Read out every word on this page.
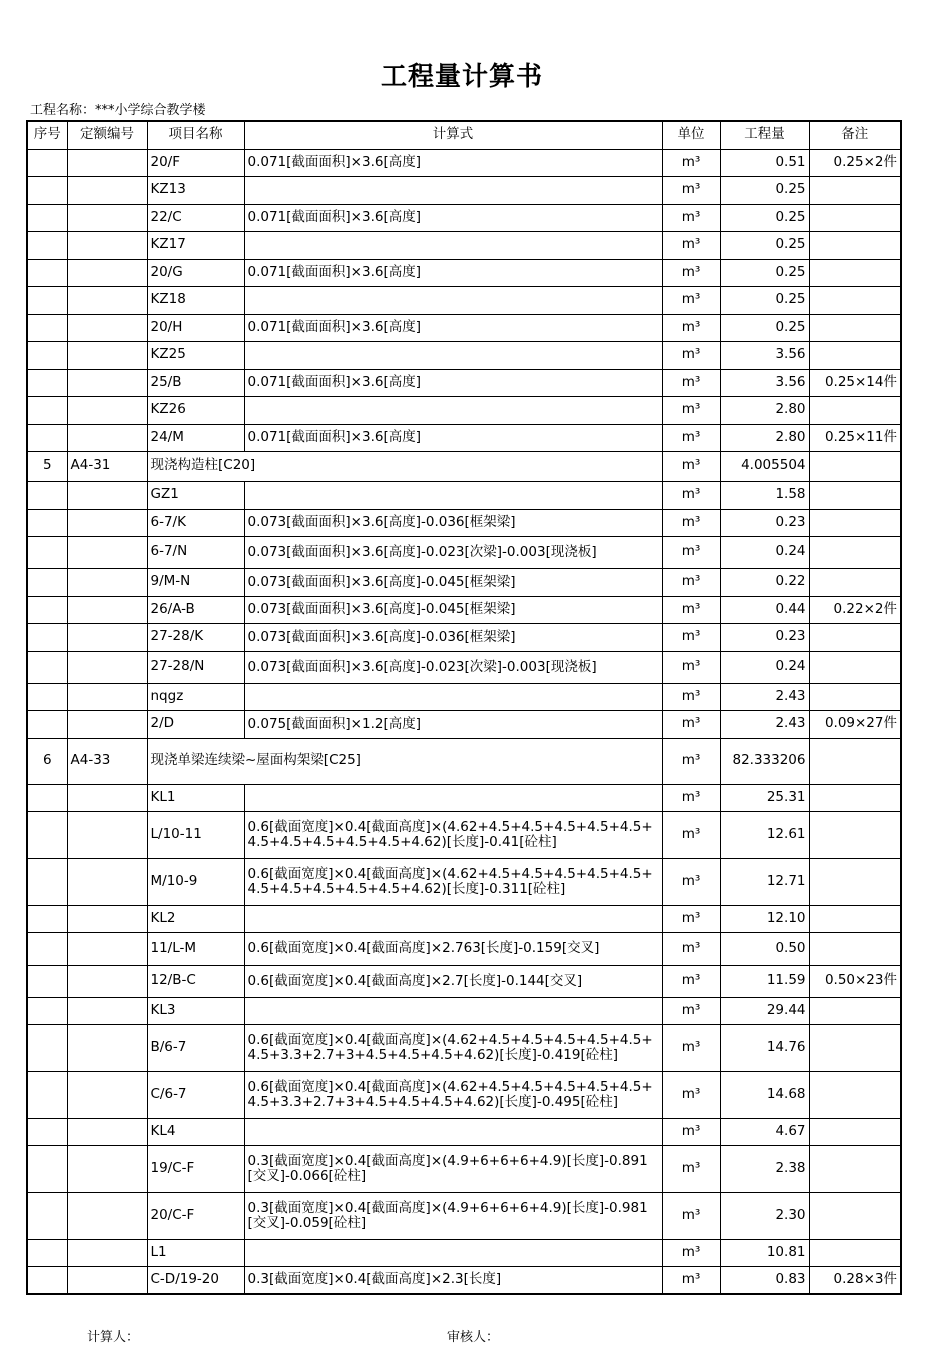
工程量计算书
工程名称：***小学综合教学楼
序号	定额编号	项目名称	计算式	单位	工程量	备注
		20/F	0.071[截面面积]×3.6[高度]	m³	0.51	0.25×2件
		KZ13		m³	0.25	
		22/C	0.071[截面面积]×3.6[高度]	m³	0.25	
		KZ17		m³	0.25	
		20/G	0.071[截面面积]×3.6[高度]	m³	0.25	
		KZ18		m³	0.25	
		20/H	0.071[截面面积]×3.6[高度]	m³	0.25	
		KZ25		m³	3.56	
		25/B	0.071[截面面积]×3.6[高度]	m³	3.56	0.25×14件
		KZ26		m³	2.80	
		24/M	0.071[截面面积]×3.6[高度]	m³	2.80	0.25×11件
5	A4-31	现浇构造柱[C20]		m³	4.005504	
		GZ1		m³	1.58	
		6-7/K	0.073[截面面积]×3.6[高度]-0.036[框架梁]	m³	0.23	
		6-7/N	0.073[截面面积]×3.6[高度]-0.023[次梁]-0.003[现浇板]	m³	0.24	
		9/M-N	0.073[截面面积]×3.6[高度]-0.045[框架梁]	m³	0.22	
		26/A-B	0.073[截面面积]×3.6[高度]-0.045[框架梁]	m³	0.44	0.22×2件
		27-28/K	0.073[截面面积]×3.6[高度]-0.036[框架梁]	m³	0.23	
		27-28/N	0.073[截面面积]×3.6[高度]-0.023[次梁]-0.003[现浇板]	m³	0.24	
		nqgz		m³	2.43	
		2/D	0.075[截面面积]×1.2[高度]	m³	2.43	0.09×27件
6	A4-33	现浇单梁连续梁~屋面构架梁[C25]		m³	82.333206	
		KL1		m³	25.31	
		L/10-11	0.6[截面宽度]×0.4[截面高度]×(4.62+4.5+4.5+4.5+4.5+4.5+4.5+4.5+4.5+4.5+4.5+4.62)[长度]-0.41[砼柱]	m³	12.61	
		M/10-9	0.6[截面宽度]×0.4[截面高度]×(4.62+4.5+4.5+4.5+4.5+4.5+4.5+4.5+4.5+4.5+4.5+4.62)[长度]-0.311[砼柱]	m³	12.71	
		KL2		m³	12.10	
		11/L-M	0.6[截面宽度]×0.4[截面高度]×2.763[长度]-0.159[交叉]	m³	0.50	
		12/B-C	0.6[截面宽度]×0.4[截面高度]×2.7[长度]-0.144[交叉]	m³	11.59	0.50×23件
		KL3		m³	29.44	
		B/6-7	0.6[截面宽度]×0.4[截面高度]×(4.62+4.5+4.5+4.5+4.5+4.5+4.5+3.3+2.7+3+4.5+4.5+4.5+4.62)[长度]-0.419[砼柱]	m³	14.76	
		C/6-7	0.6[截面宽度]×0.4[截面高度]×(4.62+4.5+4.5+4.5+4.5+4.5+4.5+3.3+2.7+3+4.5+4.5+4.5+4.62)[长度]-0.495[砼柱]	m³	14.68	
		KL4		m³	4.67	
		19/C-F	0.3[截面宽度]×0.4[截面高度]×(4.9+6+6+6+4.9)[长度]-0.891[交叉]-0.066[砼柱]	m³	2.38	
		20/C-F	0.3[截面宽度]×0.4[截面高度]×(4.9+6+6+6+4.9)[长度]-0.981[交叉]-0.059[砼柱]	m³	2.30	
		L1		m³	10.81	
		C-D/19-20	0.3[截面宽度]×0.4[截面高度]×2.3[长度]	m³	0.83	0.28×3件
计算人：	审核人：
